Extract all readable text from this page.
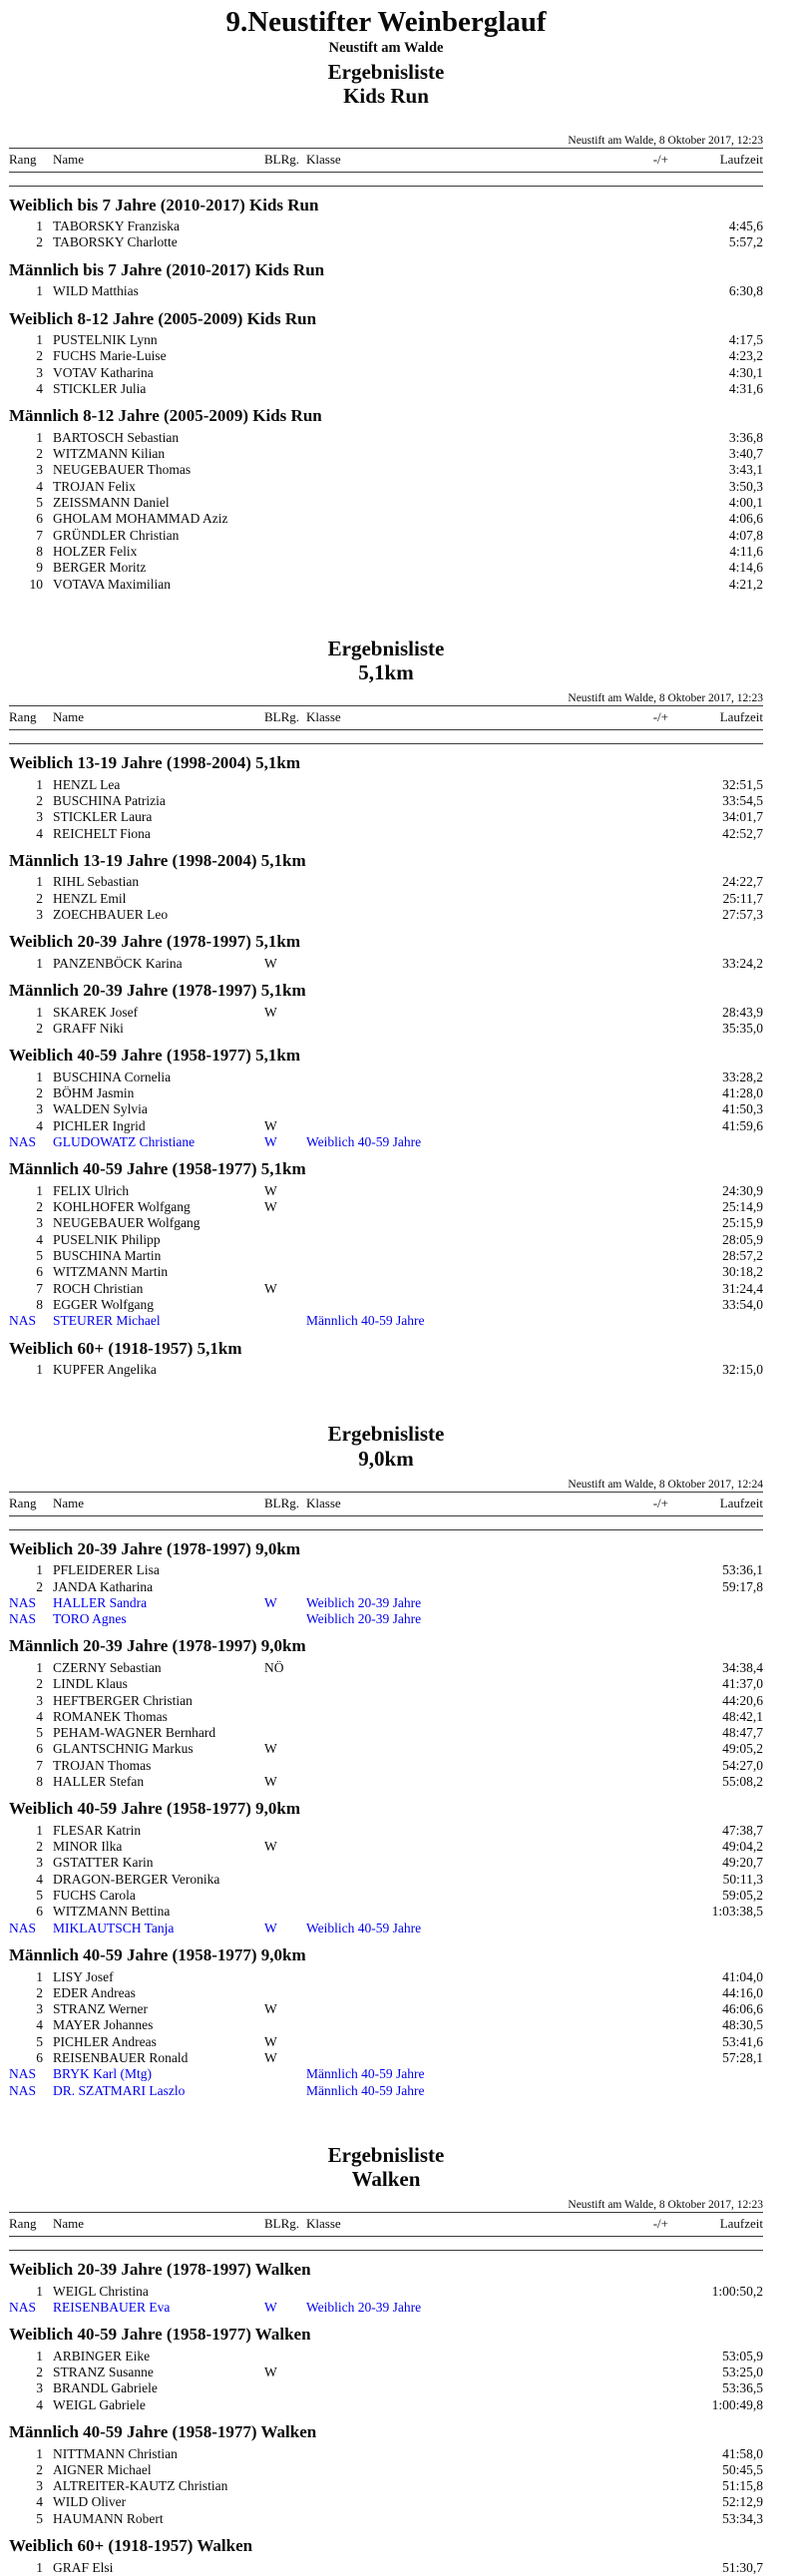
9.Neustifter Weinberglauf
Neustift am Walde
Ergebnisliste
Kids Run
Neustift am Walde, 8 Oktober 2017, 12:23
Rang	Name	BLRg. Klasse	-/+	Laufzeit
Weiblich bis 7 Jahre (2010-2017) Kids Run
1 TABORSKY Franziska	4:45,6
2 TABORSKY Charlotte	5:57,2
Männlich bis 7 Jahre (2010-2017) Kids Run
1 WILD Matthias	6:30,8
Weiblich 8-12 Jahre (2005-2009) Kids Run
1 PUSTELNIK Lynn	4:17,5
2 FUCHS Marie-Luise	4:23,2
3 VOTAV Katharina	4:30,1
4 STICKLER Julia	4:31,6
Männlich 8-12 Jahre (2005-2009) Kids Run
1 BARTOSCH Sebastian	3:36,8
2 WITZMANN Kilian	3:40,7
3 NEUGEBAUER Thomas	3:43,1
4 TROJAN Felix	3:50,3
5 ZEISSMANN Daniel	4:00,1
6 GHOLAM MOHAMMAD Aziz	4:06,6
7 GRÜNDLER Christian	4:07,8
8 HOLZER Felix	4:11,6
9 BERGER Moritz	4:14,6
10 VOTAVA Maximilian	4:21,2
Ergebnisliste
5,1km
Neustift am Walde, 8 Oktober 2017, 12:23
Rang	Name	BLRg. Klasse	-/+	Laufzeit
Weiblich 13-19 Jahre (1998-2004) 5,1km
1 HENZL Lea	32:51,5
2 BUSCHINA Patrizia	33:54,5
3 STICKLER Laura	34:01,7
4 REICHELT Fiona	42:52,7
Männlich 13-19 Jahre (1998-2004) 5,1km
1 RIHL Sebastian	24:22,7
2 HENZL Emil	25:11,7
3 ZOECHBAUER Leo	27:57,3
Weiblich 20-39 Jahre (1978-1997) 5,1km
1 PANZENBÖCK Karina	W	33:24,2
Männlich 20-39 Jahre (1978-1997) 5,1km
1 SKAREK Josef	W	28:43,9
2 GRAFF Niki	35:35,0
Weiblich 40-59 Jahre (1958-1977) 5,1km
1 BUSCHINA Cornelia	33:28,2
2 BÖHM Jasmin	41:28,0
3 WALDEN Sylvia	41:50,3
4 PICHLER Ingrid	W	41:59,6
NAS	GLUDOWATZ Christiane	W	Weiblich 40-59 Jahre
Männlich 40-59 Jahre (1958-1977) 5,1km
1 FELIX Ulrich	W	24:30,9
2 KOHLHOFER Wolfgang	W	25:14,9
3 NEUGEBAUER Wolfgang	25:15,9
4 PUSELNIK Philipp	28:05,9
5 BUSCHINA Martin	28:57,2
6 WITZMANN Martin	30:18,2
7 ROCH Christian	W	31:24,4
8 EGGER Wolfgang	33:54,0
NAS	STEURER Michael	Männlich 40-59 Jahre
Weiblich 60+ (1918-1957) 5,1km
1 KUPFER Angelika	32:15,0
Ergebnisliste
9,0km
Neustift am Walde, 8 Oktober 2017, 12:24
Rang	Name	BLRg. Klasse	-/+	Laufzeit
Weiblich 20-39 Jahre (1978-1997) 9,0km
1 PFLEIDERER Lisa	53:36,1
2 JANDA Katharina	59:17,8
NAS	HALLER Sandra	W	Weiblich 20-39 Jahre
NAS	TORO Agnes	Weiblich 20-39 Jahre
Männlich 20-39 Jahre (1978-1997) 9,0km
1 CZERNY Sebastian	NÖ	34:38,4
2 LINDL Klaus	41:37,0
3 HEFTBERGER Christian	44:20,6
4 ROMANEK Thomas	48:42,1
5 PEHAM-WAGNER Bernhard	48:47,7
6 GLANTSCHNIG Markus	W	49:05,2
7 TROJAN Thomas	54:27,0
8 HALLER Stefan	W	55:08,2
Weiblich 40-59 Jahre (1958-1977) 9,0km
1 FLESAR Katrin	47:38,7
2 MINOR Ilka	W	49:04,2
3 GSTATTER Karin	49:20,7
4 DRAGON-BERGER Veronika	50:11,3
5 FUCHS Carola	59:05,2
6 WITZMANN Bettina	1:03:38,5
NAS	MIKLAUTSCH Tanja	W	Weiblich 40-59 Jahre
Männlich 40-59 Jahre (1958-1977) 9,0km
1 LISY Josef	41:04,0
2 EDER Andreas	44:16,0
3 STRANZ Werner	W	46:06,6
4 MAYER Johannes	48:30,5
5 PICHLER Andreas	W	53:41,6
6 REISENBAUER Ronald	W	57:28,1
NAS	BRYK Karl (Mtg)	Männlich 40-59 Jahre
NAS	DR. SZATMARI Laszlo	Männlich 40-59 Jahre
Ergebnisliste
Walken
Neustift am Walde, 8 Oktober 2017, 12:23
Rang	Name	BLRg. Klasse	-/+	Laufzeit
Weiblich 20-39 Jahre (1978-1997) Walken
1 WEIGL Christina	1:00:50,2
NAS	REISENBAUER Eva	W	Weiblich 20-39 Jahre
Weiblich 40-59 Jahre (1958-1977) Walken
1 ARBINGER Eike	53:05,9
2 STRANZ Susanne	W	53:25,0
3 BRANDL Gabriele	53:36,5
4 WEIGL Gabriele	1:00:49,8
Männlich 40-59 Jahre (1958-1977) Walken
1 NITTMANN Christian	41:58,0
2 AIGNER Michael	50:45,5
3 ALTREITER-KAUTZ Christian	51:15,8
4 WILD Oliver	52:12,9
5 HAUMANN Robert	53:34,3
Weiblich 60+ (1918-1957) Walken
1 GRAF Elsi	51:30,7
